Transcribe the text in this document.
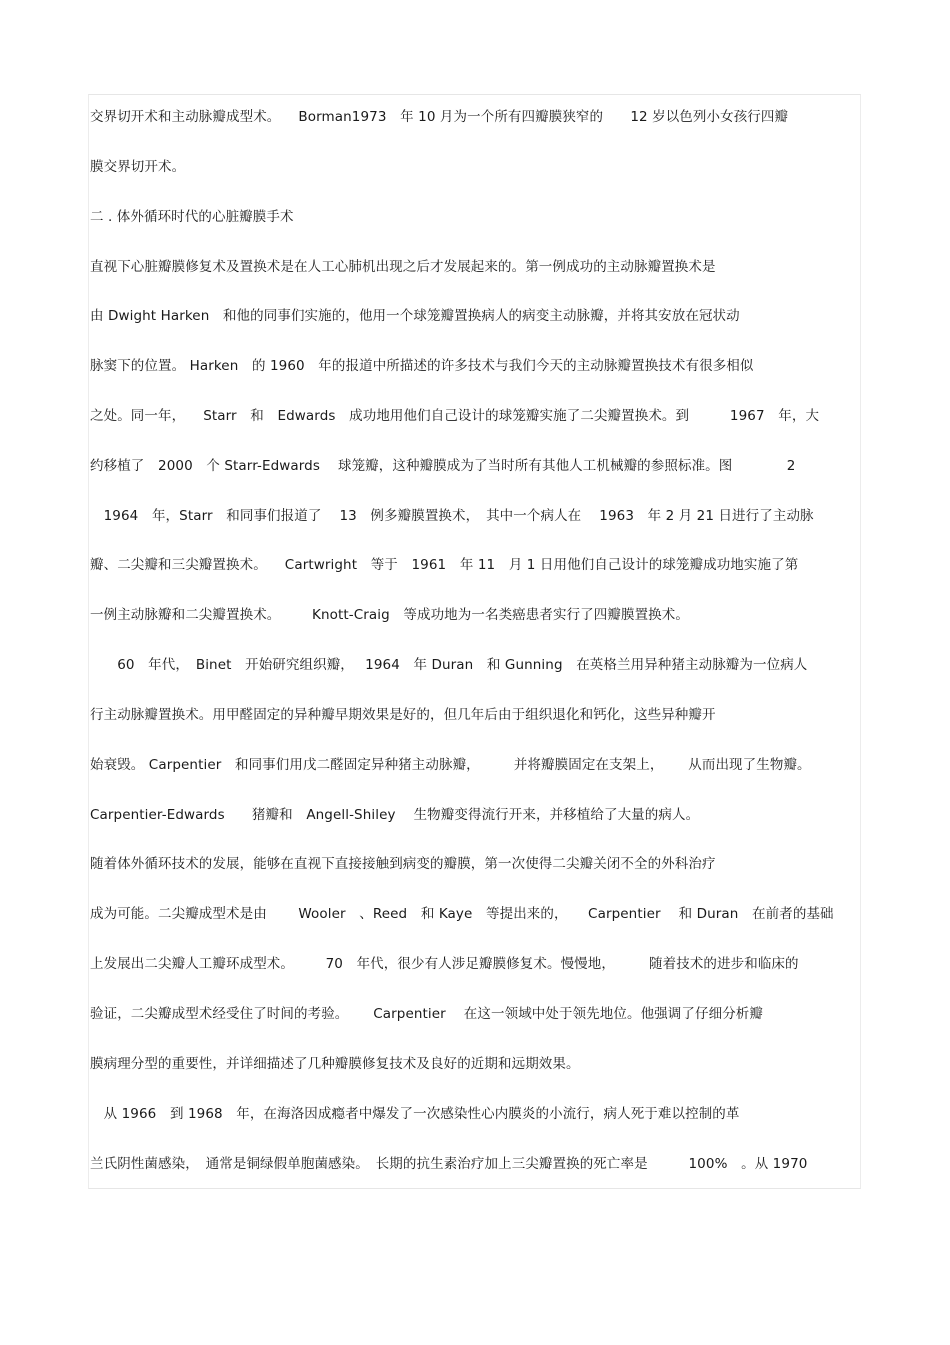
交界切开术和主动脉瓣成型术。 　Borman1973　年 10 月为一个所有四瓣膜狭窄的　　12 岁以色列小女孩行四瓣
膜交界切开术。
二 . 体外循环时代的心脏瓣膜手术
直视下心脏瓣膜修复术及置换术是在人工心肺机出现之后才发展起来的。第一例成功的主动脉瓣置换术是
由 Dwight Harken　和他的同事们实施的，他用一个球笼瓣置换病人的病变主动脉瓣，并将其安放在冠状动
脉窦下的位置。 Harken　的 1960　年的报道中所描述的许多技术与我们今天的主动脉瓣置换技术有很多相似
之处。同一年， 　Starr　和　Edwards　成功地用他们自己设计的球笼瓣实施了二尖瓣置换术。到　　　1967　年，大
约移植了　2000　个 Starr-Edwards　 球笼瓣，这种瓣膜成为了当时所有其他人工机械瓣的参照标准。图　　　　2
　1964　年，Starr　和同事们报道了　 13　例多瓣膜置换术，　其中一个病人在　 1963　年 2 月 21 日进行了主动脉
瓣、二尖瓣和三尖瓣置换术。 　Cartwright　等于　1961　年 11　月 1 日用他们自己设计的球笼瓣成功地实施了第
一例主动脉瓣和二尖瓣置换术。 　　Knott-Craig　等成功地为一名类癌患者实行了四瓣膜置换术。
　　60　年代，　Binet　开始研究组织瓣，　 1964　年 Duran　和 Gunning　在英格兰用异种猪主动脉瓣为一位病人
行主动脉瓣置换术。用甲醛固定的异种瓣早期效果是好的，但几年后由于组织退化和钙化，这些异种瓣开
始衰毁。 Carpentier　和同事们用戊二醛固定异种猪主动脉瓣，　　　并将瓣膜固定在支架上，　　 从而出现了生物瓣。
Carpentier-Edwards　　猪瓣和　Angell-Shiley　 生物瓣变得流行开来，并移植给了大量的病人。
随着体外循环技术的发展，能够在直视下直接接触到病变的瓣膜，第一次使得二尖瓣关闭不全的外科治疗
成为可能。二尖瓣成型术是由　　 Wooler　、Reed　和 Kaye　等提出来的，　　Carpentier　 和 Duran　在前者的基础
上发展出二尖瓣人工瓣环成型术。 　　70　年代，很少有人涉足瓣膜修复术。慢慢地，　　　随着技术的进步和临床的
验证，二尖瓣成型术经受住了时间的考验。　　 Carpentier　 在这一领域中处于领先地位。他强调了仔细分析瓣
膜病理分型的重要性，并详细描述了几种瓣膜修复技术及良好的近期和远期效果。
　从 1966　到 1968　年，在海洛因成瘾者中爆发了一次感染性心内膜炎的小流行，病人死于难以控制的革
兰氏阴性菌感染，　通常是铜绿假单胞菌感染。　长期的抗生素治疗加上三尖瓣置换的死亡率是　　　100%　。从 1970
